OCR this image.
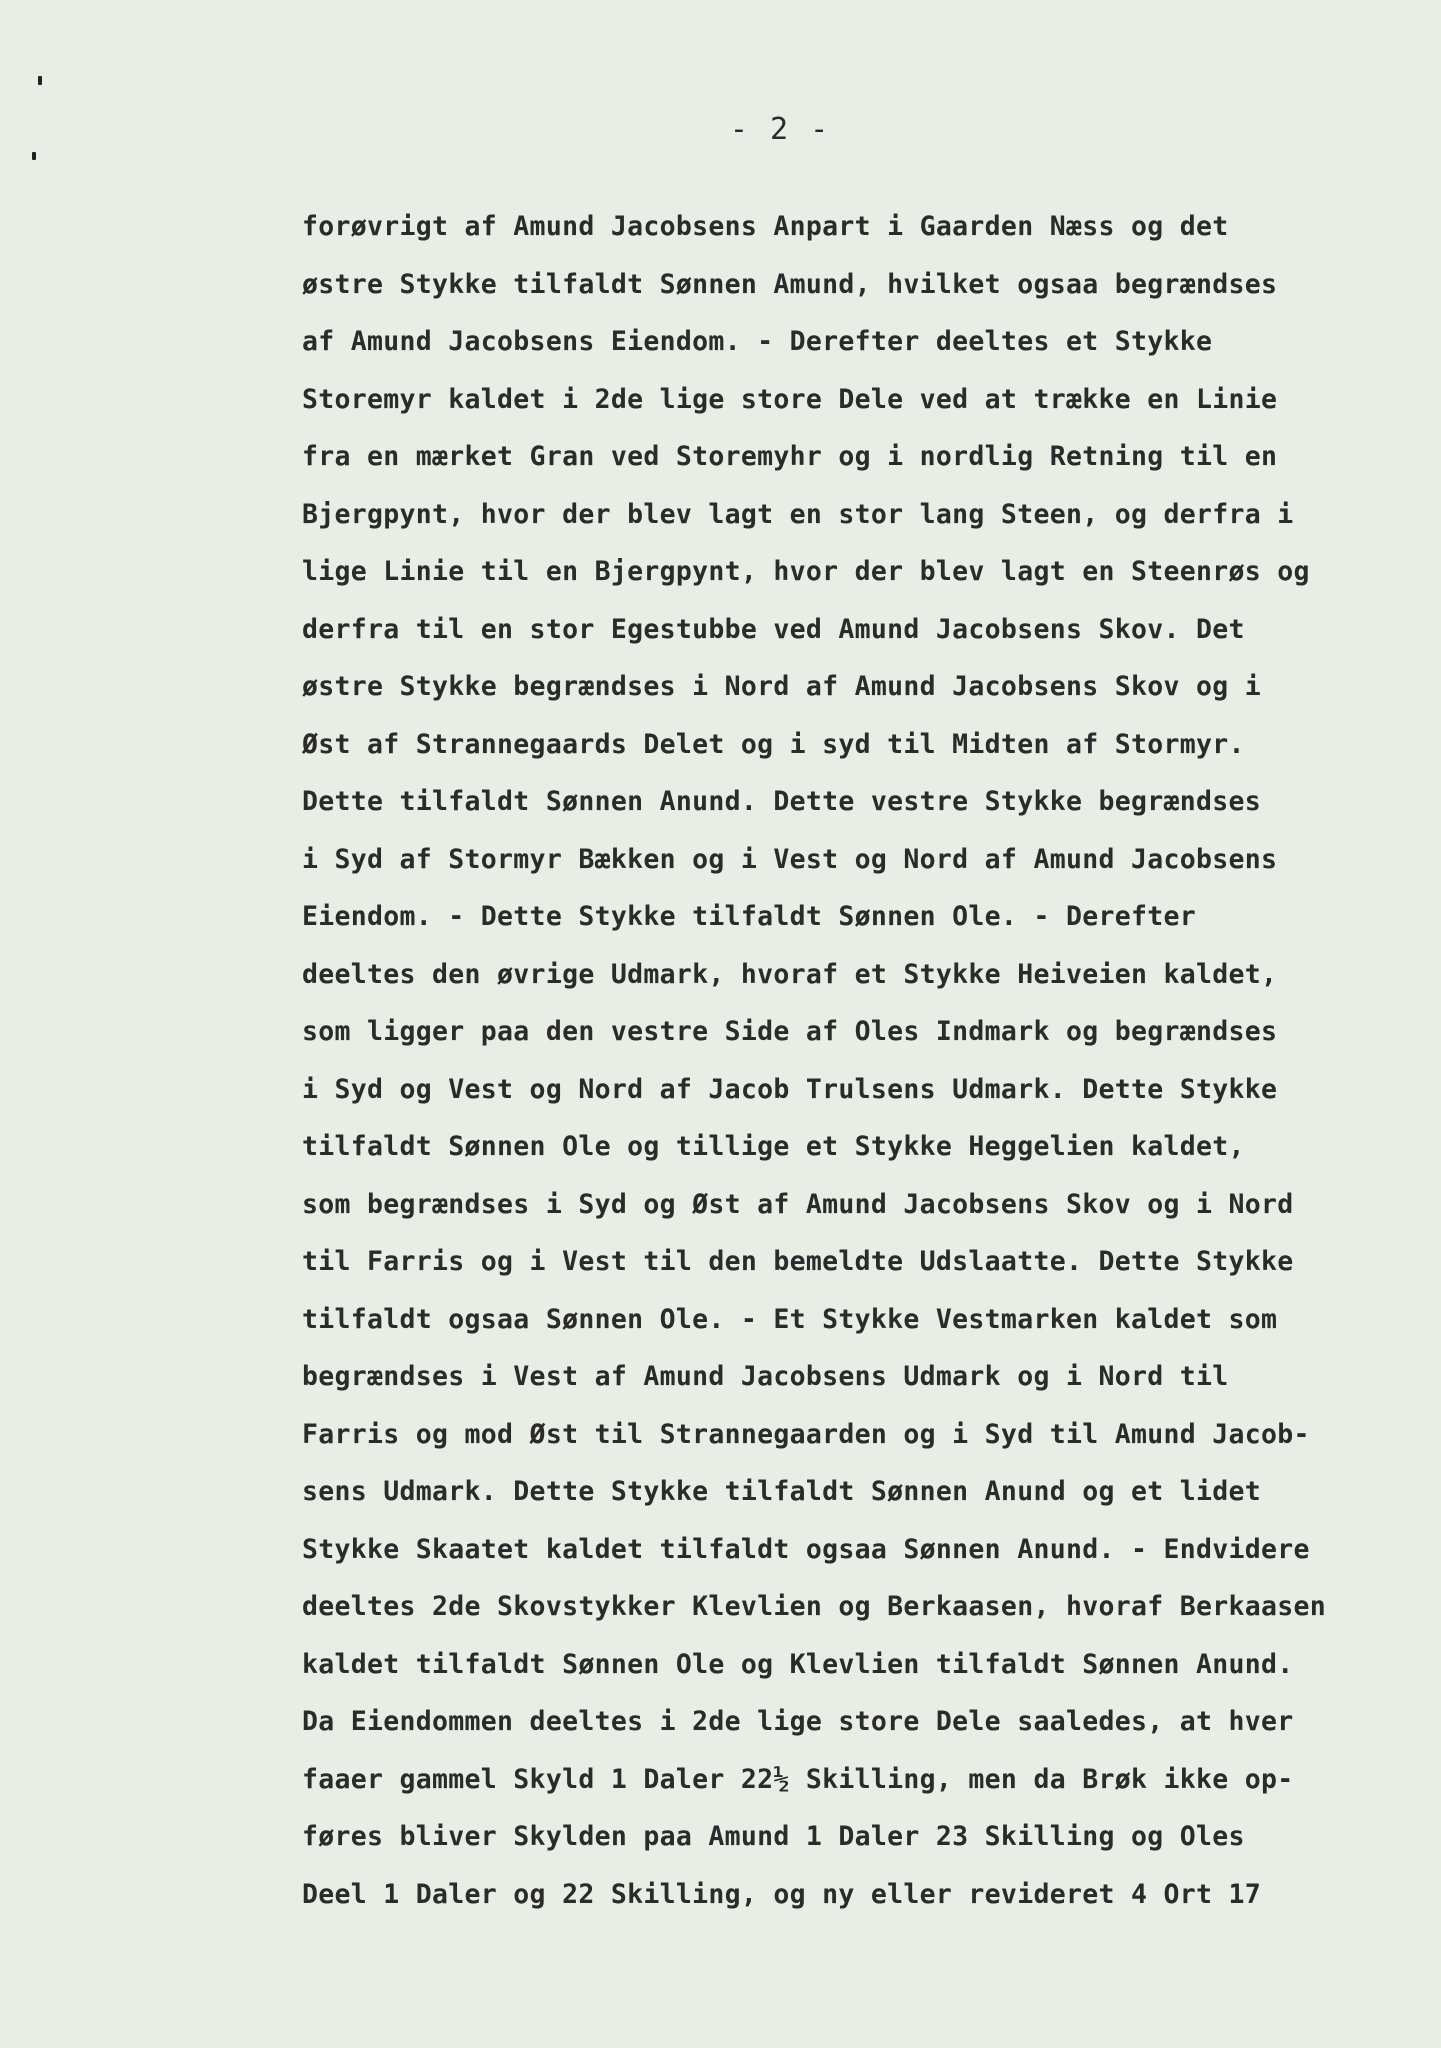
- 2 -
forøvrigt af Amund Jacobsens Anpart i Gaarden Næss og det
østre Stykke tilfaldt Sønnen Amund, hvilket ogsaa begrændses
af Amund Jacobsens Eiendom. - Derefter deeltes et Stykke
Storemyr kaldet i 2de lige store Dele ved at trække en Linie
fra en mærket Gran ved Storemyhr og i nordlig Retning til en
Bjergpynt, hvor der blev lagt en stor lang Steen, og derfra i
lige Linie til en Bjergpynt, hvor der blev lagt en Steenrøs og
derfra til en stor Egestubbe ved Amund Jacobsens Skov. Det
østre Stykke begrændses i Nord af Amund Jacobsens Skov og i
Øst af Strannegaards Delet og i syd til Midten af Stormyr.
Dette tilfaldt Sønnen Anund. Dette vestre Stykke begrændses
i Syd af Stormyr Bækken og i Vest og Nord af Amund Jacobsens
Eiendom. - Dette Stykke tilfaldt Sønnen Ole. - Derefter
deeltes den øvrige Udmark, hvoraf et Stykke Heiveien kaldet,
som ligger paa den vestre Side af Oles Indmark og begrændses
i Syd og Vest og Nord af Jacob Trulsens Udmark. Dette Stykke
tilfaldt Sønnen Ole og tillige et Stykke Heggelien kaldet,
som begrændses i Syd og Øst af Amund Jacobsens Skov og i Nord
til Farris og i Vest til den bemeldte Udslaatte. Dette Stykke
tilfaldt ogsaa Sønnen Ole. - Et Stykke Vestmarken kaldet som
begrændses i Vest af Amund Jacobsens Udmark og i Nord til
Farris og mod Øst til Strannegaarden og i Syd til Amund Jacob-
sens Udmark. Dette Stykke tilfaldt Sønnen Anund og et lidet
Stykke Skaatet kaldet tilfaldt ogsaa Sønnen Anund. - Endvidere
deeltes 2de Skovstykker Klevlien og Berkaasen, hvoraf Berkaasen
kaldet tilfaldt Sønnen Ole og Klevlien tilfaldt Sønnen Anund.
Da Eiendommen deeltes i 2de lige store Dele saaledes, at hver
faaer gammel Skyld 1 Daler 22½ Skilling, men da Brøk ikke op-
føres bliver Skylden paa Amund 1 Daler 23 Skilling og Oles
Deel 1 Daler og 22 Skilling, og ny eller revideret 4 Ort 17
